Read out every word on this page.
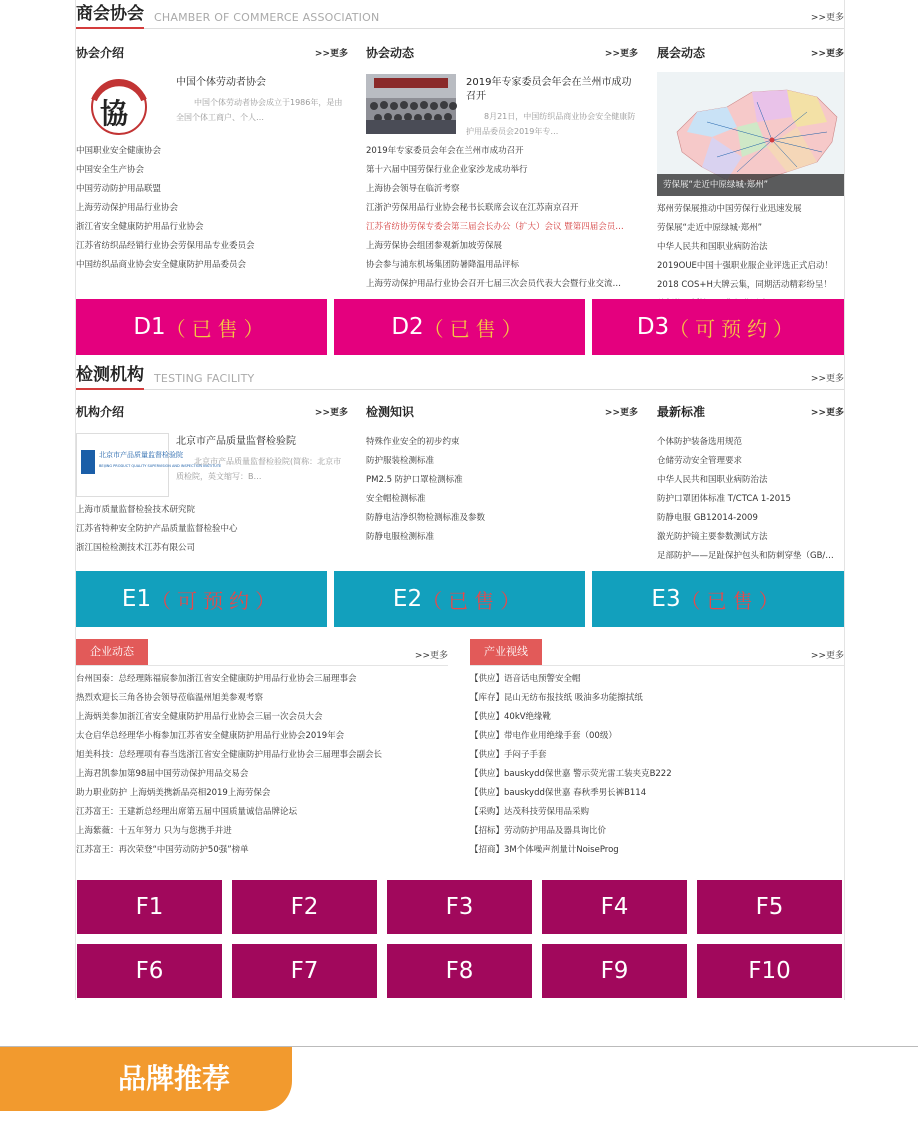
商会协会 CHAMBER OF COMMERCE ASSOCIATION	>>更多
协会介绍	>>更多
協
中国个体劳动者协会
中国个体劳动者协会成立于1986年，是由全国个体工商户、个人…
中国职业安全健康协会
中国安全生产协会
中国劳动防护用品联盟
上海劳动保护用品行业协会
浙江省安全健康防护用品行业协会
江苏省纺织品经销行业协会劳保用品专业委员会
中国纺织品商业协会安全健康防护用品委员会
协会动态	>>更多
2019年专家委员会年会在兰州市成功召开
8月21日，中国纺织品商业协会安全健康防护用品委员会2019年专…
2019年专家委员会年会在兰州市成功召开
第十六届中国劳保行业企业家沙龙成功举行
上海协会领导在临沂考察
江浙沪劳保用品行业协会秘书长联席会议在江苏南京召开
江苏省纺协劳保专委会第三届会长办公（扩大）会议 暨第四届会员…
上海劳保协会组团参观新加坡劳保展
协会参与浦东机场集团防暑降温用品评标
上海劳动保护用品行业协会召开七届三次会员代表大会暨行业交流…
展会动态	>>更多
劳保展“走近中原绿城·郑州”
郑州劳保展推动中国劳保行业迅速发展
劳保展“走近中原绿城·郑州”
中华人民共和国职业病防治法
2019OUE中国十强职业服企业评选正式启动！
2018 COS+H大牌云集，同期活动精彩纷呈！
D1 （已售）	D2 （已售）	D3 （可预约）
检测机构 TESTING FACILITY	>>更多
机构介绍	>>更多
北京市产品质量监督检验院
BEIJING PRODUCT QUALITY SUPERVISION AND INSPECTION INSTITUTE
北京市产品质量监督检验院
北京市产品质量监督检验院(简称：北京市质检院，英文缩写：B…
上海市质量监督检验技术研究院
江苏省特种安全防护产品质量监督检验中心
浙江国检检测技术江苏有限公司
检测知识	>>更多
特殊作业安全的初步约束
防护服装检测标准
PM2.5 防护口罩检测标准
安全帽检测标准
防静电洁净织物检测标准及参数
防静电服检测标准
最新标准	>>更多
个体防护装备选用规范
仓储劳动安全管理要求
中华人民共和国职业病防治法
防护口罩团体标准 T/CTCA 1-2015
防静电服 GB12014-2009
激光防护镜主要参数测试方法
足部防护——足趾保护包头和防刺穿垫（GB/…
E1 （可预约）	E2 （已售）	E3 （已售）
企业动态	>>更多
台州国泰：总经理陈福宸参加浙江省安全健康防护用品行业协会三届理事会
热烈欢迎长三角各协会领导莅临温州旭美参观考察
上海炳美参加浙江省安全健康防护用品行业协会三届一次会员大会
太仓启华总经理华小梅参加江苏省安全健康防护用品行业协会2019年会
旭美科技：总经理项有春当选浙江省安全健康防护用品行业协会三届理事会副会长
上海君凯参加第98届中国劳动保护用品交易会
助力职业防护 上海炳美携新品亮相2019上海劳保会
江苏富王：王建新总经理出席第五届中国质量诚信品牌论坛
上海紫薇：十五年努力 只为与您携手并进
江苏富王：再次荣登“中国劳动防护50强”榜单
产业视线	>>更多
【供应】语音话电预警安全帽
【库存】昆山无纺布报技纸 吸油多功能擦拭纸
【供应】40kV绝缘靴
【供应】带电作业用绝缘手套（00级）
【供应】手闷子手套
【供应】bauskydd保世嘉 警示荧光雷工装夹克B222
【供应】bauskydd保世嘉 春秋季男长裤B114
【采购】达茂科技劳保用品采购
【招标】劳动防护用品及器具询比价
【招商】3M个体噪声剂量计NoiseProg
F1	F2	F3	F4	F5
F6	F7	F8	F9	F10
品牌推荐
